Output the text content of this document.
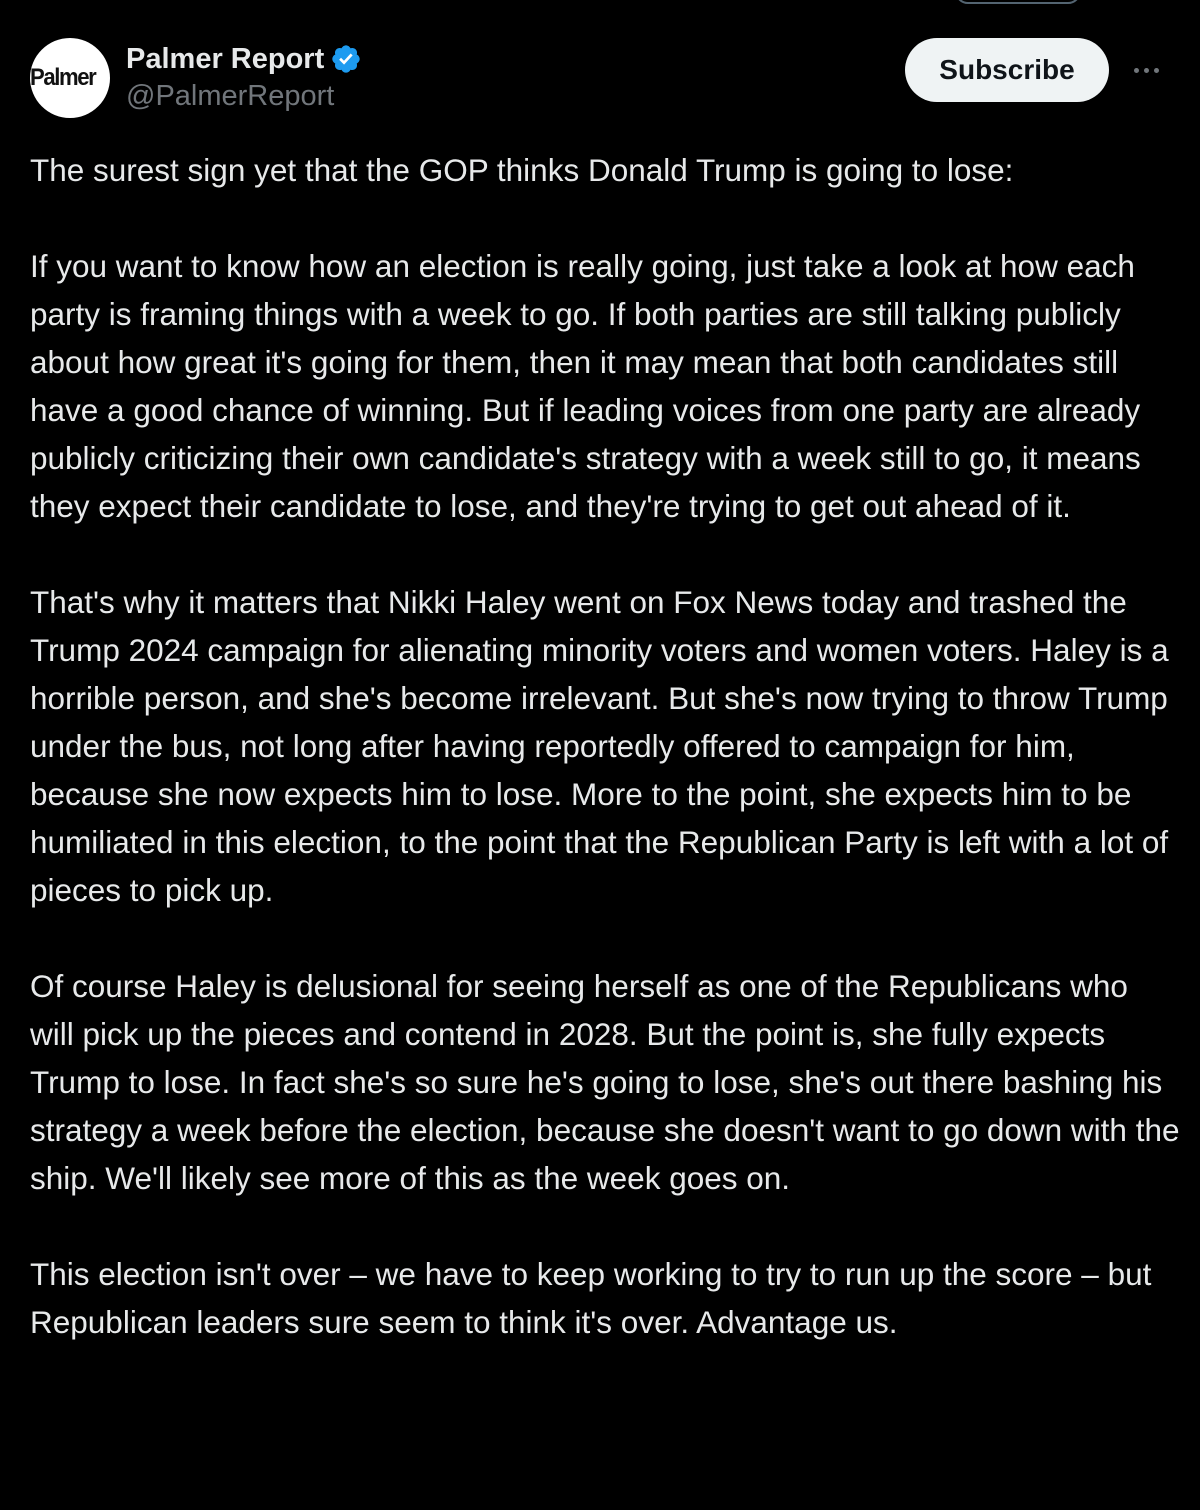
Palmer
Palmer Report
@PalmerReport
Subscribe

The surest sign yet that the GOP thinks Donald Trump is going to lose:

If you want to know how an election is really going, just take a look at how each party is framing things with a week to go. If both parties are still talking publicly about how great it's going for them, then it may mean that both candidates still have a good chance of winning. But if leading voices from one party are already publicly criticizing their own candidate's strategy with a week still to go, it means they expect their candidate to lose, and they're trying to get out ahead of it.

That's why it matters that Nikki Haley went on Fox News today and trashed the Trump 2024 campaign for alienating minority voters and women voters. Haley is a horrible person, and she's become irrelevant. But she's now trying to throw Trump under the bus, not long after having reportedly offered to campaign for him, because she now expects him to lose. More to the point, she expects him to be humiliated in this election, to the point that the Republican Party is left with a lot of pieces to pick up.

Of course Haley is delusional for seeing herself as one of the Republicans who will pick up the pieces and contend in 2028. But the point is, she fully expects Trump to lose. In fact she's so sure he's going to lose, she's out there bashing his strategy a week before the election, because she doesn't want to go down with the ship. We'll likely see more of this as the week goes on.

This election isn't over – we have to keep working to try to run up the score – but Republican leaders sure seem to think it's over. Advantage us.
